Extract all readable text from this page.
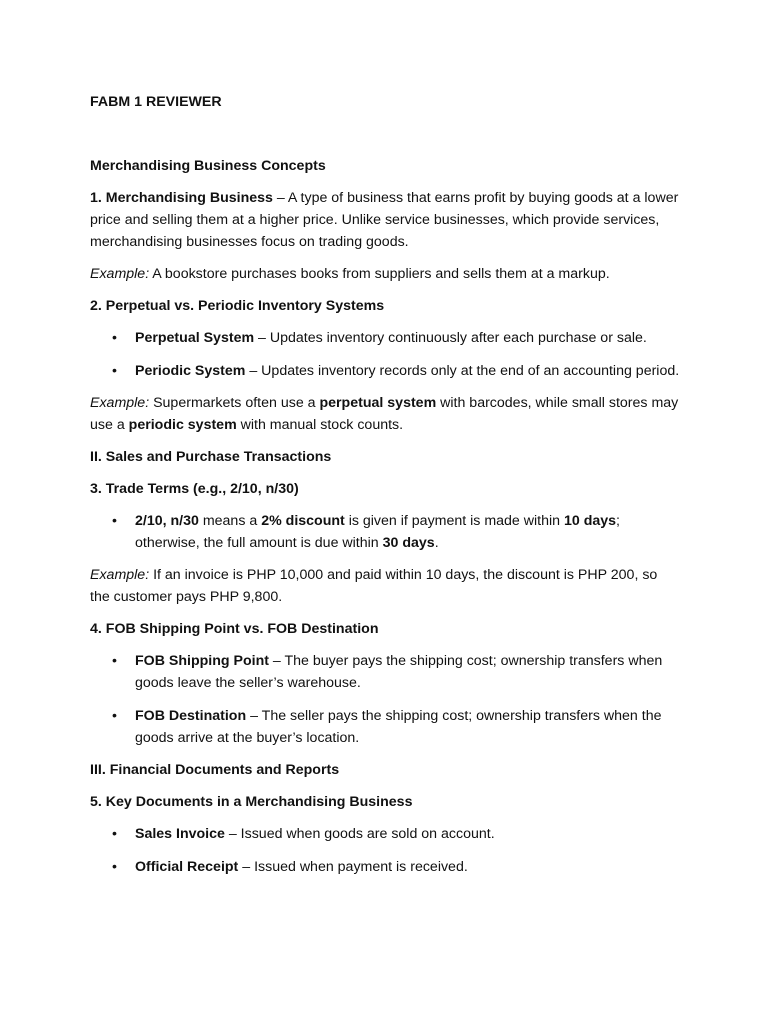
FABM 1 REVIEWER

Merchandising Business Concepts

1. Merchandising Business – A type of business that earns profit by buying goods at a lower price and selling them at a higher price. Unlike service businesses, which provide services, merchandising businesses focus on trading goods.

Example: A bookstore purchases books from suppliers and sells them at a markup.

2. Perpetual vs. Periodic Inventory Systems

• Perpetual System – Updates inventory continuously after each purchase or sale.
• Periodic System – Updates inventory records only at the end of an accounting period.

Example: Supermarkets often use a perpetual system with barcodes, while small stores may use a periodic system with manual stock counts.

II. Sales and Purchase Transactions

3. Trade Terms (e.g., 2/10, n/30)

• 2/10, n/30 means a 2% discount is given if payment is made within 10 days; otherwise, the full amount is due within 30 days.

Example: If an invoice is PHP 10,000 and paid within 10 days, the discount is PHP 200, so the customer pays PHP 9,800.

4. FOB Shipping Point vs. FOB Destination

• FOB Shipping Point – The buyer pays the shipping cost; ownership transfers when goods leave the seller’s warehouse.
• FOB Destination – The seller pays the shipping cost; ownership transfers when the goods arrive at the buyer’s location.

III. Financial Documents and Reports

5. Key Documents in a Merchandising Business

• Sales Invoice – Issued when goods are sold on account.
• Official Receipt – Issued when payment is received.
